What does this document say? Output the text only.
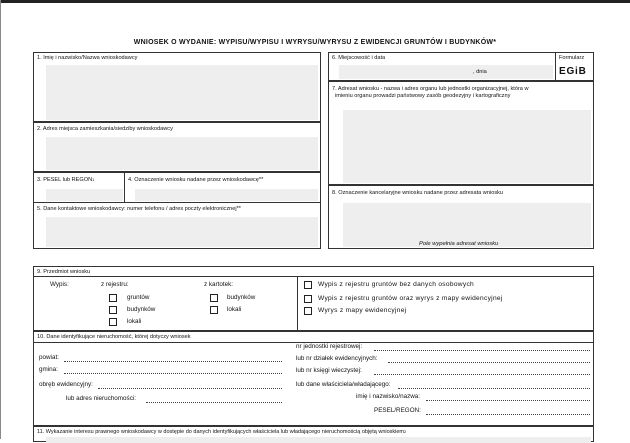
WNIOSEK O WYDANIE: WYPISU/WYPISU I WYRYSU/WYRYSU Z EWIDENCJI GRUNTÓW I BUDYNKÓW*
1. Imię i nazwisko/Nazwa wnioskodawcy
2. Adres miejsca zamieszkania/siedziby wnioskodawcy
3. PESEL lub REGON$^1$	4. Oznaczenie wniosku nadane przez wnioskodawcę**
5. Dane kontaktowe wnioskodawcy: numer telefonu / adres poczty elektronicznej**
6. Miejscowość i data
, dnia
Formularz
EGiB
7. Adresat wniosku - nazwa i adres organu lub jednostki organizacyjnej, która w
imieniu organu prowadzi państwowy zasób geodezyjny i kartograficzny
8. Oznaczenie kancelaryjne wniosku nadane przez adresata wniosku
Pole wypełnia adresat wniosku
9. Przedmiot wniosku
Wypis:	z rejestru:	z kartotek:
gruntów
budynków
lokali
budynków
lokali
Wypis z rejestru gruntów bez danych osobowych
Wypis z rejestru gruntów oraz wyrys z mapy ewidencyjnej
Wyrys z mapy ewidencyjnej
10. Dane identyfikujące nieruchomość, której dotyczy wniosek
powiat:
gmina:
obręb ewidencyjny:
lub adres nieruchomości:
nr jednostki rejestrowej:
lub nr działek ewidencyjnych:
lub nr księgi wieczystej:
lub dane właściciela/władającego:
imię i nazwisko/nazwa:
PESEL/REGON:
11. Wykazanie interesu prawnego wnioskodawcy w dostępie do danych identyfikujących właściciela lub władającego nieruchomością objętą wnioskiem$^2$
